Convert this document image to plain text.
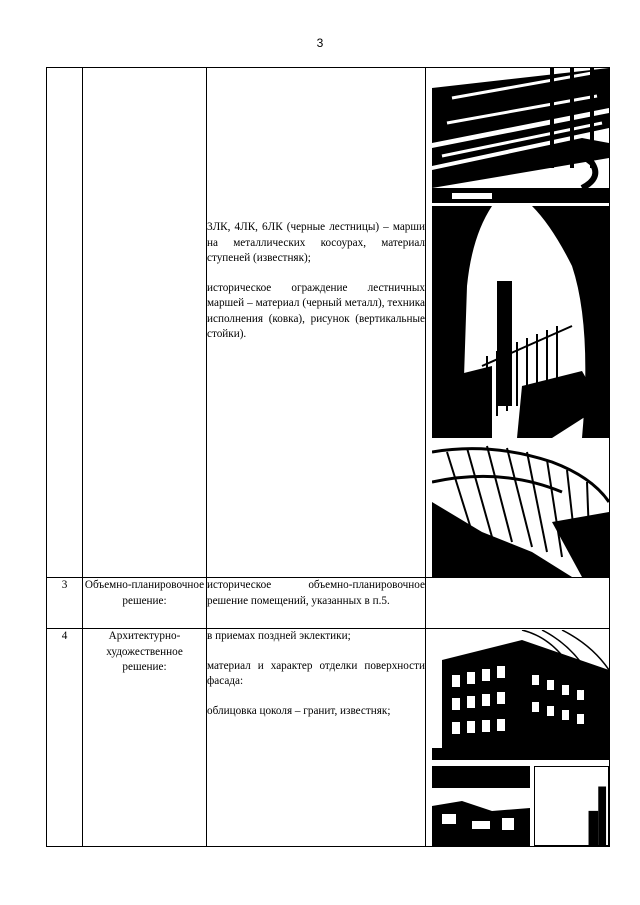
3

		3ЛК, 4ЛК, 6ЛК (черные лестницы) – марши на металлических косоурах, материал ступеней (известняк);

историческое ограждение лестничных маршей – материал (черный металл), техника исполнения (ковка), рисунок (вертикальные стойки).	

3	Объемно-планировочное решение:	историческое объемно-планировочное решение помещений, указанных в п.5.	

4	Архитектурно-художественное решение:	в приемах поздней эклектики;

материал и характер отделки поверхности фасада:

облицовка цоколя – гранит, известняк;	
